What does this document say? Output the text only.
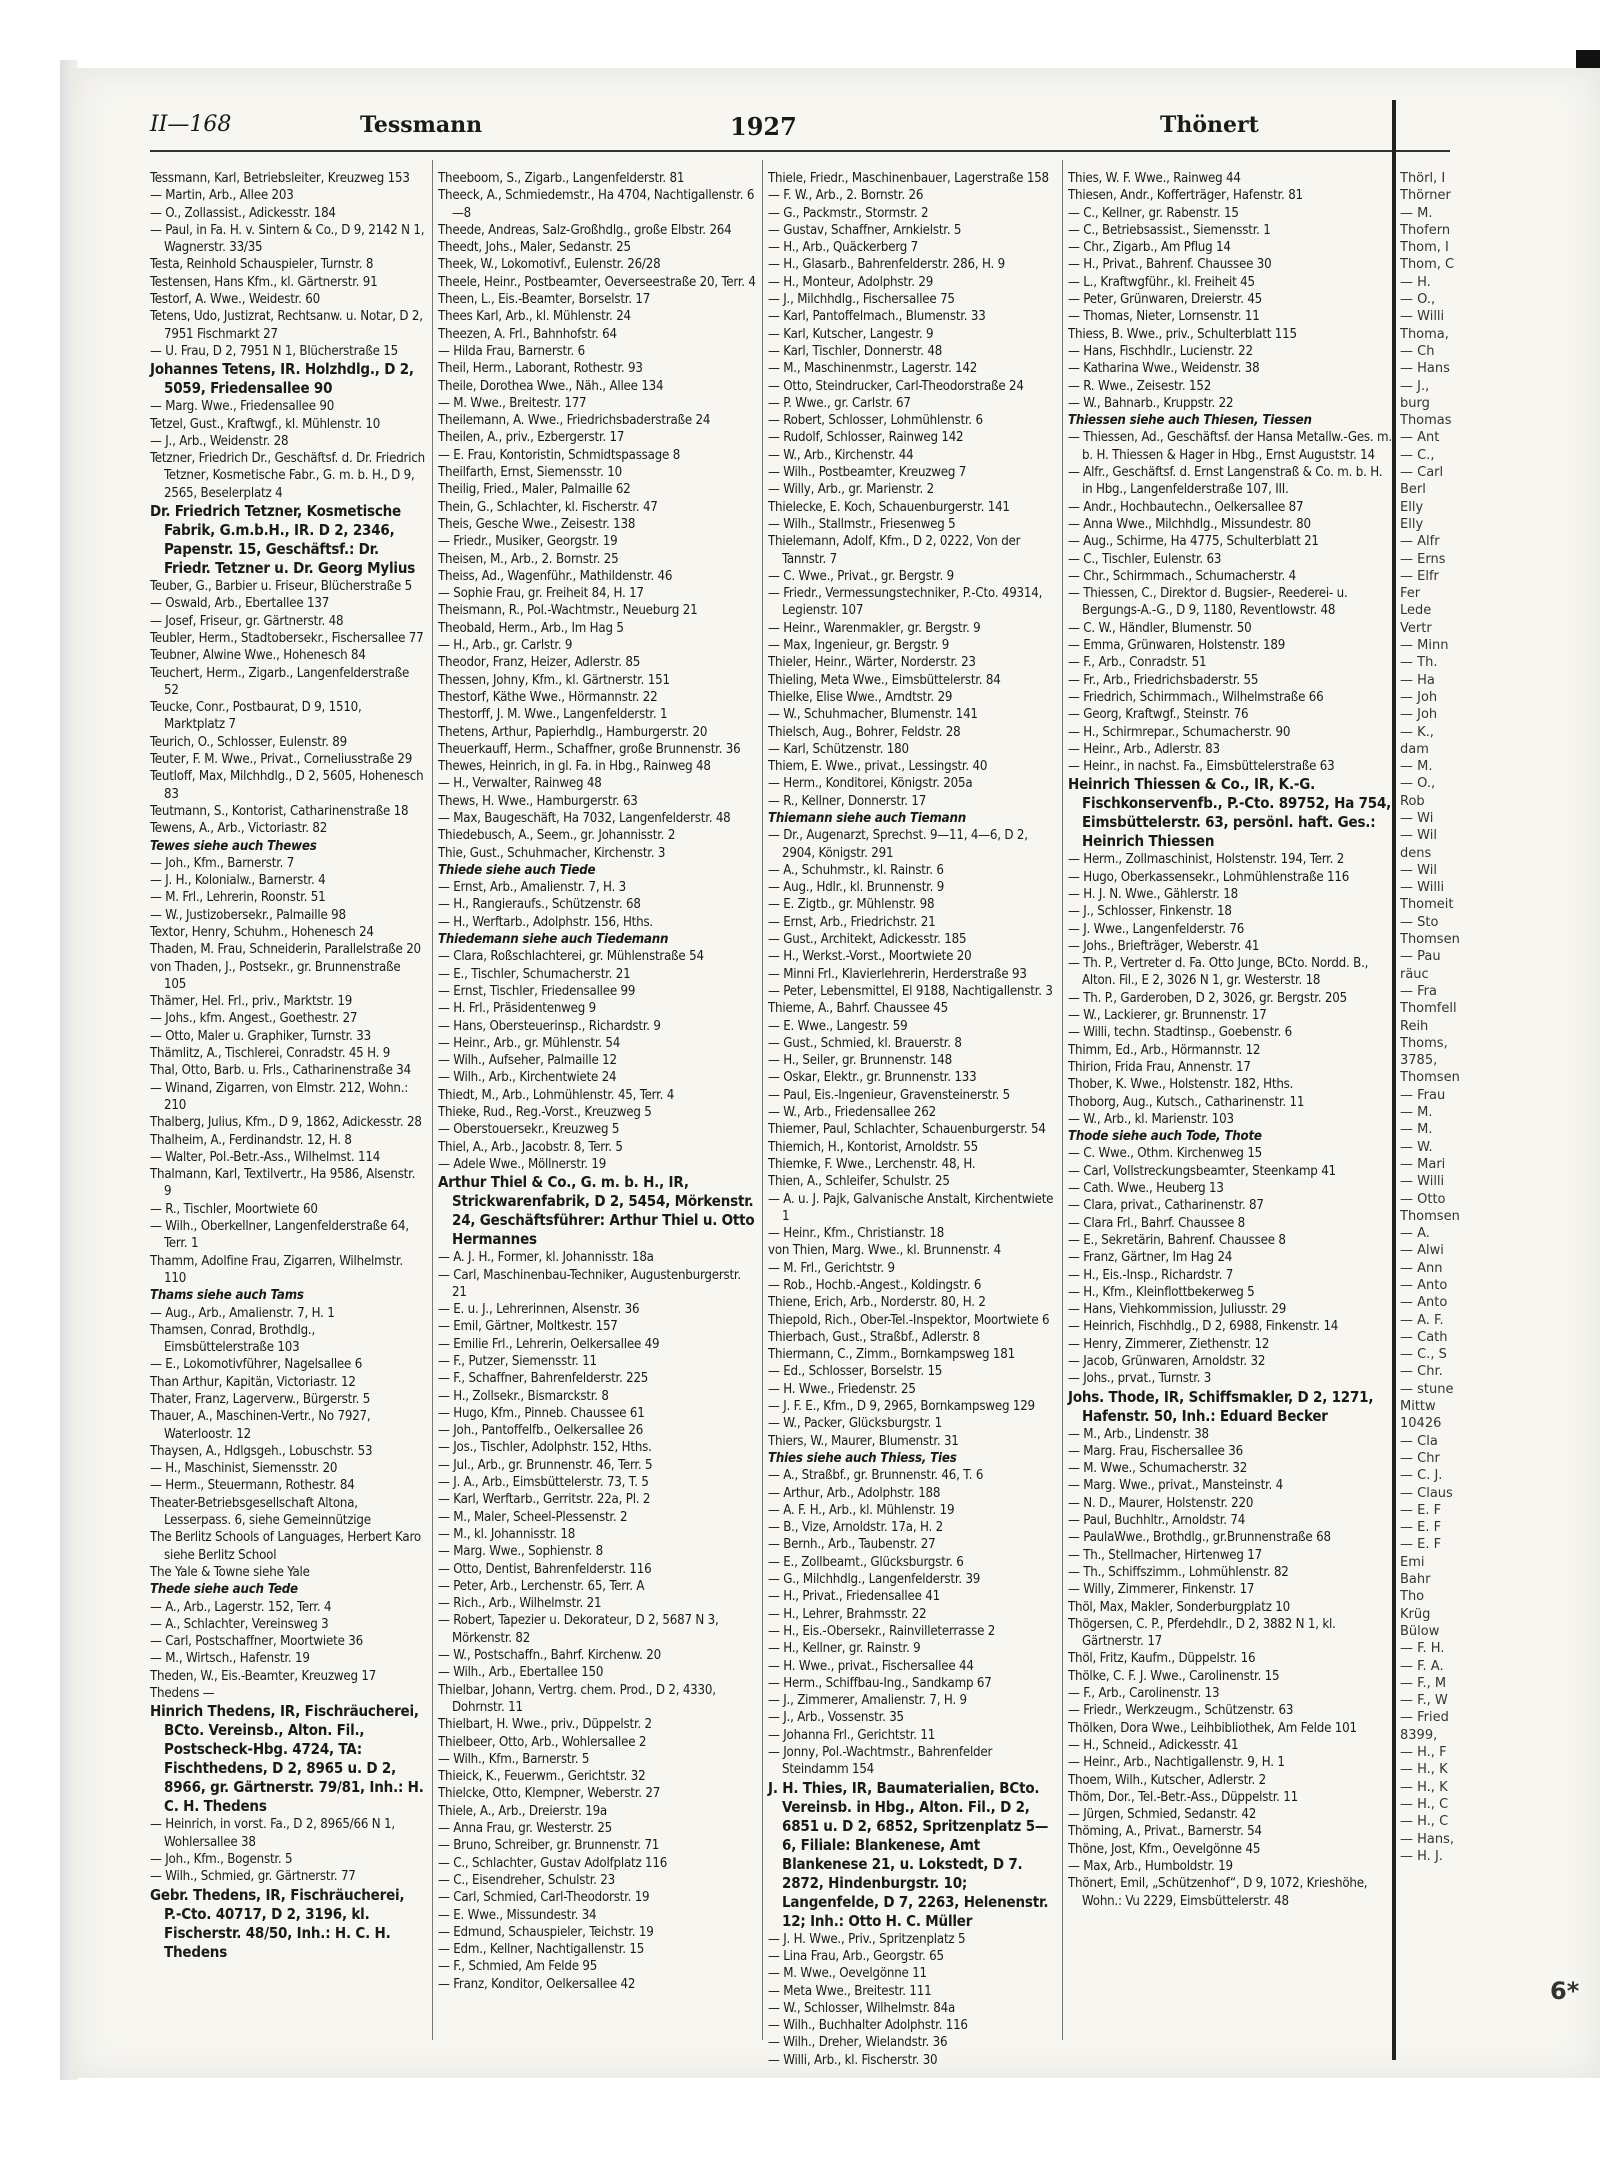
II—168	Tessmann	1927	Thönert

Tessmann, Karl, Betriebsleiter, Kreuzweg 153

— Martin, Arb., Allee 203

— O., Zollassist., Adickesstr. 184

— Paul, in Fa. H. v. Sintern & Co., D 9, 2142 N 1, Wagnerstr. 33/35

Testa, Reinhold Schauspieler, Turnstr. 8

Testensen, Hans Kfm., kl. Gärtnerstr. 91

Testorf, A. Wwe., Weidestr. 60

Tetens, Udo, Justizrat, Rechtsanw. u. Notar, D 2, 7951 Fischmarkt 27

— U. Frau, D 2, 7951 N 1, Blücherstraße 15

Johannes Tetens, IR. Holzhdlg., D 2, 5059, Friedensallee 90

— Marg. Wwe., Friedensallee 90

Tetzel, Gust., Kraftwgf., kl. Mühlenstr. 10

— J., Arb., Weidenstr. 28

Tetzner, Friedrich Dr., Geschäftsf. d. Dr. Friedrich Tetzner, Kosmetische Fabr., G. m. b. H., D 9, 2565, Beselerplatz 4

Dr. Friedrich Tetzner, Kosmetische Fabrik, G.m.b.H., IR. D 2, 2346, Papenstr. 15, Geschäftsf.: Dr. Friedr. Tetzner u. Dr. Georg Mylius

Teuber, G., Barbier u. Friseur, Blücherstraße 5

— Oswald, Arb., Ebertallee 137

— Josef, Friseur, gr. Gärtnerstr. 48

Teubler, Herm., Stadtobersekr., Fischersallee 77

Teubner, Alwine Wwe., Hohenesch 84

Teuchert, Herm., Zigarb., Langenfelderstraße 52

Teucke, Conr., Postbaurat, D 9, 1510, Marktplatz 7

Teurich, O., Schlosser, Eulenstr. 89

Teuter, F. M. Wwe., Privat., Corneliusstraße 29

Teutloff, Max, Milchhdlg., D 2, 5605, Hohenesch 83

Teutmann, S., Kontorist, Catharinenstraße 18

Tewens, A., Arb., Victoriastr. 82

Tewes siehe auch Thewes

— Joh., Kfm., Barnerstr. 7

— J. H., Kolonialw., Barnerstr. 4

— M. Frl., Lehrerin, Roonstr. 51

— W., Justizobersekr., Palmaille 98

Textor, Henry, Schuhm., Hohenesch 24

Thaden, M. Frau, Schneiderin, Parallelstraße 20

von Thaden, J., Postsekr., gr. Brunnenstraße 105

Thämer, Hel. Frl., priv., Marktstr. 19

— Johs., kfm. Angest., Goethestr. 27

— Otto, Maler u. Graphiker, Turnstr. 33

Thämlitz, A., Tischlerei, Conradstr. 45 H. 9

Thal, Otto, Barb. u. Frls., Catharinenstraße 34

— Winand, Zigarren, von Elmstr. 212, Wohn.: 210

Thalberg, Julius, Kfm., D 9, 1862, Adickesstr. 28

Thalheim, A., Ferdinandstr. 12, H. 8

— Walter, Pol.-Betr.-Ass., Wilhelmst. 114

Thalmann, Karl, Textilvertr., Ha 9586, Alsenstr. 9

— R., Tischler, Moortwiete 60

— Wilh., Oberkellner, Langenfelderstraße 64, Terr. 1

Thamm, Adolfine Frau, Zigarren, Wilhelmstr. 110

Thams siehe auch Tams

— Aug., Arb., Amalienstr. 7, H. 1

Thamsen, Conrad, Brothdlg., Eimsbüttelerstraße 103

— E., Lokomotivführer, Nagelsallee 6

Than Arthur, Kapitän, Victoriastr. 12

Thater, Franz, Lagerverw., Bürgerstr. 5

Thauer, A., Maschinen-Vertr., No 7927, Waterloostr. 12

Thaysen, A., Hdlgsgeh., Lobuschstr. 53

— H., Maschinist, Siemensstr. 20

— Herm., Steuermann, Rothestr. 84

Theater-Betriebsgesellschaft Altona, Lesserpass. 6, siehe Gemeinnützige

The Berlitz Schools of Languages, Herbert Karo siehe Berlitz School

The Yale & Towne siehe Yale

Thede siehe auch Tede

— A., Arb., Lagerstr. 152, Terr. 4

— A., Schlachter, Vereinsweg 3

— Carl, Postschaffner, Moortwiete 36

— M., Wirtsch., Hafenstr. 19

Theden, W., Eis.-Beamter, Kreuzweg 17

Thedens —

Hinrich Thedens, IR, Fischräucherei, BCto. Vereinsb., Alton. Fil., Postscheck-Hbg. 4724, TA: Fischthedens, D 2, 8965 u. D 2, 8966, gr. Gärtnerstr. 79/81, Inh.: H. C. H. Thedens

— Heinrich, in vorst. Fa., D 2, 8965/66 N 1, Wohlersallee 38

— Joh., Kfm., Bogenstr. 5

— Wilh., Schmied, gr. Gärtnerstr. 77

Gebr. Thedens, IR, Fischräucherei, P.-Cto. 40717, D 2, 3196, kl. Fischerstr. 48/50, Inh.: H. C. H. Thedens

Theeboom, S., Zigarb., Langenfelderstr. 81

Theeck, A., Schmiedemstr., Ha 4704, Nachtigallenstr. 6—8

Theede, Andreas, Salz-Großhdlg., große Elbstr. 264

Theedt, Johs., Maler, Sedanstr. 25

Theek, W., Lokomotivf., Eulenstr. 26/28

Theele, Heinr., Postbeamter, Oeverseestraße 20, Terr. 4

Theen, L., Eis.-Beamter, Borselstr. 17

Thees Karl, Arb., kl. Mühlenstr. 24

Theezen, A. Frl., Bahnhofstr. 64

— Hilda Frau, Barnerstr. 6

Theil, Herm., Laborant, Rothestr. 93

Theile, Dorothea Wwe., Näh., Allee 134

— M. Wwe., Breitestr. 177

Theilemann, A. Wwe., Friedrichsbaderstraße 24

Theilen, A., priv., Ezbergerstr. 17

— E. Frau, Kontoristin, Schmidtspassage 8

Theilfarth, Ernst, Siemensstr. 10

Theilig, Fried., Maler, Palmaille 62

Thein, G., Schlachter, kl. Fischerstr. 47

Theis, Gesche Wwe., Zeisestr. 138

— Friedr., Musiker, Georgstr. 19

Theisen, M., Arb., 2. Bornstr. 25

Theiss, Ad., Wagenführ., Mathildenstr. 46

— Sophie Frau, gr. Freiheit 84, H. 17

Theismann, R., Pol.-Wachtmstr., Neueburg 21

Theobald, Herm., Arb., Im Hag 5

— H., Arb., gr. Carlstr. 9

Theodor, Franz, Heizer, Adlerstr. 85

Thessen, Johny, Kfm., kl. Gärtnerstr. 151

Thestorf, Käthe Wwe., Hörmannstr. 22

Thestorff, J. M. Wwe., Langenfelderstr. 1

Thetens, Arthur, Papierhdlg., Hamburgerstr. 20

Theuerkauff, Herm., Schaffner, große Brunnenstr. 36

Thewes, Heinrich, in gl. Fa. in Hbg., Rainweg 48

— H., Verwalter, Rainweg 48

Thews, H. Wwe., Hamburgerstr. 63

— Max, Baugeschäft, Ha 7032, Langenfelderstr. 48

Thiedebusch, A., Seem., gr. Johannisstr. 2

Thie, Gust., Schuhmacher, Kirchenstr. 3

Thiede siehe auch Tiede

— Ernst, Arb., Amalienstr. 7, H. 3

— H., Rangieraufs., Schützenstr. 68

— H., Werftarb., Adolphstr. 156, Hths.

Thiedemann siehe auch Tiedemann

— Clara, Roßschlachterei, gr. Mühlenstraße 54

— E., Tischler, Schumacherstr. 21

— Ernst, Tischler, Friedensallee 99

— H. Frl., Präsidentenweg 9

— Hans, Obersteuerinsp., Richardstr. 9

— Heinr., Arb., gr. Mühlenstr. 54

— Wilh., Aufseher, Palmaille 12

— Wilh., Arb., Kirchentwiete 24

Thiedt, M., Arb., Lohmühlenstr. 45, Terr. 4

Thieke, Rud., Reg.-Vorst., Kreuzweg 5

— Oberstouersekr., Kreuzweg 5

Thiel, A., Arb., Jacobstr. 8, Terr. 5

— Adele Wwe., Möllnerstr. 19

Arthur Thiel & Co., G. m. b. H., IR, Strickwarenfabrik, D 2, 5454, Mörkenstr. 24, Geschäftsführer: Arthur Thiel u. Otto Hermannes

— A. J. H., Former, kl. Johannisstr. 18a

— Carl, Maschinenbau-Techniker, Augustenburgerstr. 21

— E. u. J., Lehrerinnen, Alsenstr. 36

— Emil, Gärtner, Moltkestr. 157

— Emilie Frl., Lehrerin, Oelkersallee 49

— F., Putzer, Siemensstr. 11

— F., Schaffner, Bahrenfelderstr. 225

— H., Zollsekr., Bismarckstr. 8

— Hugo, Kfm., Pinneb. Chaussee 61

— Joh., Pantoffelfb., Oelkersallee 26

— Jos., Tischler, Adolphstr. 152, Hths.

— Jul., Arb., gr. Brunnenstr. 46, Terr. 5

— J. A., Arb., Eimsbüttelerstr. 73, T. 5

— Karl, Werftarb., Gerritstr. 22a, Pl. 2

— M., Maler, Scheel-Plessenstr. 2

— M., kl. Johannisstr. 18

— Marg. Wwe., Sophienstr. 8

— Otto, Dentist, Bahrenfelderstr. 116

— Peter, Arb., Lerchenstr. 65, Terr. A

— Rich., Arb., Wilhelmstr. 21

— Robert, Tapezier u. Dekorateur, D 2, 5687 N 3, Mörkenstr. 82

— W., Postschaffn., Bahrf. Kirchenw. 20

— Wilh., Arb., Ebertallee 150

Thielbar, Johann, Vertrg. chem. Prod., D 2, 4330, Dohrnstr. 11

Thielbart, H. Wwe., priv., Düppelstr. 2

Thielbeer, Otto, Arb., Wohlersallee 2

— Wilh., Kfm., Barnerstr. 5

Thieick, K., Feuerwm., Gerichtstr. 32

Thielcke, Otto, Klempner, Weberstr. 27

Thiele, A., Arb., Dreierstr. 19a

— Anna Frau, gr. Westerstr. 25

— Bruno, Schreiber, gr. Brunnenstr. 71

— C., Schlachter, Gustav Adolfplatz 116

— C., Eisendreher, Schulstr. 23

— Carl, Schmied, Carl-Theodorstr. 19

— E. Wwe., Missundestr. 34

— Edmund, Schauspieler, Teichstr. 19

— Edm., Kellner, Nachtigallenstr. 15

— F., Schmied, Am Felde 95

— Franz, Konditor, Oelkersallee 42

Thiele, Friedr., Maschinenbauer, Lagerstraße 158

— F. W., Arb., 2. Bornstr. 26

— G., Packmstr., Stormstr. 2

— Gustav, Schaffner, Arnkielstr. 5

— H., Arb., Quäckerberg 7

— H., Glasarb., Bahrenfelderstr. 286, H. 9

— H., Monteur, Adolphstr. 29

— J., Milchhdlg., Fischersallee 75

— Karl, Pantoffelmach., Blumenstr. 33

— Karl, Kutscher, Langestr. 9

— Karl, Tischler, Donnerstr. 48

— M., Maschinenmstr., Lagerstr. 142

— Otto, Steindrucker, Carl-Theodorstraße 24

— P. Wwe., gr. Carlstr. 67

— Robert, Schlosser, Lohmühlenstr. 6

— Rudolf, Schlosser, Rainweg 142

— W., Arb., Kirchenstr. 44

— Wilh., Postbeamter, Kreuzweg 7

— Willy, Arb., gr. Marienstr. 2

Thielecke, E. Koch, Schauenburgerstr. 141

— Wilh., Stallmstr., Friesenweg 5

Thielemann, Adolf, Kfm., D 2, 0222, Von der Tannstr. 7

— C. Wwe., Privat., gr. Bergstr. 9

— Friedr., Vermessungstechniker, P.-Cto. 49314, Legienstr. 107

— Heinr., Warenmakler, gr. Bergstr. 9

— Max, Ingenieur, gr. Bergstr. 9

Thieler, Heinr., Wärter, Norderstr. 23

Thieling, Meta Wwe., Eimsbüttelerstr. 84

Thielke, Elise Wwe., Arndtstr. 29

— W., Schuhmacher, Blumenstr. 141

Thielsch, Aug., Bohrer, Feldstr. 28

— Karl, Schützenstr. 180

Thiem, E. Wwe., privat., Lessingstr. 40

— Herm., Konditorei, Königstr. 205a

— R., Kellner, Donnerstr. 17

Thiemann siehe auch Tiemann

— Dr., Augenarzt, Sprechst. 9—11, 4—6, D 2, 2904, Königstr. 291

— A., Schuhmstr., kl. Rainstr. 6

— Aug., Hdlr., kl. Brunnenstr. 9

— E. Zigtb., gr. Mühlenstr. 98

— Ernst, Arb., Friedrichstr. 21

— Gust., Architekt, Adickesstr. 185

— H., Werkst.-Vorst., Moortwiete 20

— Minni Frl., Klavierlehrerin, Herderstraße 93

— Peter, Lebensmittel, El 9188, Nachtigallenstr. 3

Thieme, A., Bahrf. Chaussee 45

— E. Wwe., Langestr. 59

— Gust., Schmied, kl. Brauerstr. 8

— H., Seiler, gr. Brunnenstr. 148

— Oskar, Elektr., gr. Brunnenstr. 133

— Paul, Eis.-Ingenieur, Gravensteinerstr. 5

— W., Arb., Friedensallee 262

Thiemer, Paul, Schlachter, Schauenburgerstr. 54

Thiemich, H., Kontorist, Arnoldstr. 55

Thiemke, F. Wwe., Lerchenstr. 48, H.

Thien, A., Schleifer, Schulstr. 25

— A. u. J. Pajk, Galvanische Anstalt, Kirchentwiete 1

— Heinr., Kfm., Christianstr. 18

von Thien, Marg. Wwe., kl. Brunnenstr. 4

— M. Frl., Gerichtstr. 9

— Rob., Hochb.-Angest., Koldingstr. 6

Thiene, Erich, Arb., Norderstr. 80, H. 2

Thiepold, Rich., Ober-Tel.-Inspektor, Moortwiete 6

Thierbach, Gust., Straßbf., Adlerstr. 8

Thiermann, C., Zimm., Bornkampsweg 181

— Ed., Schlosser, Borselstr. 15

— H. Wwe., Friedenstr. 25

— J. F. E., Kfm., D 9, 2965, Bornkampsweg 129

— W., Packer, Glücksburgstr. 1

Thiers, W., Maurer, Blumenstr. 31

Thies siehe auch Thiess, Ties

— A., Straßbf., gr. Brunnenstr. 46, T. 6

— Arthur, Arb., Adolphstr. 188

— A. F. H., Arb., kl. Mühlenstr. 19

— B., Vize, Arnoldstr. 17a, H. 2

— Bernh., Arb., Taubenstr. 27

— E., Zollbeamt., Glücksburgstr. 6

— G., Milchhdlg., Langenfelderstr. 39

— H., Privat., Friedensallee 41

— H., Lehrer, Brahmsstr. 22

— H., Eis.-Obersekr., Rainvilleterrasse 2

— H., Kellner, gr. Rainstr. 9

— H. Wwe., privat., Fischersallee 44

— Herm., Schiffbau-Ing., Sandkamp 67

— J., Zimmerer, Amalienstr. 7, H. 9

— J., Arb., Vossenstr. 35

— Johanna Frl., Gerichtstr. 11

— Jonny, Pol.-Wachtmstr., Bahrenfelder Steindamm 154

J. H. Thies, IR, Baumaterialien, BCto. Vereinsb. in Hbg., Alton. Fil., D 2, 6851 u. D 2, 6852, Spritzenplatz 5—6, Filiale: Blankenese, Amt Blankenese 21, u. Lokstedt, D 7. 2872, Hindenburgstr. 10; Langenfelde, D 7, 2263, Helenenstr. 12; Inh.: Otto H. C. Müller

— J. H. Wwe., Priv., Spritzenplatz 5

— Lina Frau, Arb., Georgstr. 65

— M. Wwe., Oevelgönne 11

— Meta Wwe., Breitestr. 111

— W., Schlosser, Wilhelmstr. 84a

— Wilh., Buchhalter Adolphstr. 116

— Wilh., Dreher, Wielandstr. 36

— Willi, Arb., kl. Fischerstr. 30

Thies, W. F. Wwe., Rainweg 44

Thiesen, Andr., Kofferträger, Hafenstr. 81

— C., Kellner, gr. Rabenstr. 15

— C., Betriebsassist., Siemensstr. 1

— Chr., Zigarb., Am Pflug 14

— H., Privat., Bahrenf. Chaussee 30

— L., Kraftwgführ., kl. Freiheit 45

— Peter, Grünwaren, Dreierstr. 45

— Thomas, Nieter, Lornsenstr. 11

Thiess, B. Wwe., priv., Schulterblatt 115

— Hans, Fischhdlr., Lucienstr. 22

— Katharina Wwe., Weidenstr. 38

— R. Wwe., Zeisestr. 152

— W., Bahnarb., Kruppstr. 22

Thiessen siehe auch Thiesen, Tiessen

— Thiessen, Ad., Geschäftsf. der Hansa Metallw.-Ges. m. b. H. Thiessen & Hager in Hbg., Ernst Auguststr. 14

— Alfr., Geschäftsf. d. Ernst Langenstraß & Co. m. b. H. in Hbg., Langenfelderstraße 107, III.

— Andr., Hochbautechn., Oelkersallee 87

— Anna Wwe., Milchhdlg., Missundestr. 80

— Aug., Schirme, Ha 4775, Schulterblatt 21

— C., Tischler, Eulenstr. 63

— Chr., Schirmmach., Schumacherstr. 4

— Thiessen, C., Direktor d. Bugsier-, Reederei- u. Bergungs-A.-G., D 9, 1180, Reventlowstr. 48

— C. W., Händler, Blumenstr. 50

— Emma, Grünwaren, Holstenstr. 189

— F., Arb., Conradstr. 51

— Fr., Arb., Friedrichsbaderstr. 55

— Friedrich, Schirmmach., Wilhelmstraße 66

— Georg, Kraftwgf., Steinstr. 76

— H., Schirmrepar., Schumacherstr. 90

— Heinr., Arb., Adlerstr. 83

— Heinr., in nachst. Fa., Eimsbüttelerstraße 63

Heinrich Thiessen & Co., IR, K.-G. Fischkonservenfb., P.-Cto. 89752, Ha 754, Eimsbüttelerstr. 63, persönl. haft. Ges.: Heinrich Thiessen

— Herm., Zollmaschinist, Holstenstr. 194, Terr. 2

— Hugo, Oberkassensekr., Lohmühlenstraße 116

— H. J. N. Wwe., Gählerstr. 18

— J., Schlosser, Finkenstr. 18

— J. Wwe., Langenfelderstr. 76

— Johs., Briefträger, Weberstr. 41

— Th. P., Vertreter d. Fa. Otto Junge, BCto. Nordd. B., Alton. Fil., E 2, 3026 N 1, gr. Westerstr. 18

— Th. P., Garderoben, D 2, 3026, gr. Bergstr. 205

— W., Lackierer, gr. Brunnenstr. 17

— Willi, techn. Stadtinsp., Goebenstr. 6

Thimm, Ed., Arb., Hörmannstr. 12

Thirion, Frida Frau, Annenstr. 17

Thober, K. Wwe., Holstenstr. 182, Hths.

Thoborg, Aug., Kutsch., Catharinenstr. 11

— W., Arb., kl. Marienstr. 103

Thode siehe auch Tode, Thote

— C. Wwe., Othm. Kirchenweg 15

— Carl, Vollstreckungsbeamter, Steenkamp 41

— Cath. Wwe., Heuberg 13

— Clara, privat., Catharinenstr. 87

— Clara Frl., Bahrf. Chaussee 8

— E., Sekretärin, Bahrenf. Chaussee 8

— Franz, Gärtner, Im Hag 24

— H., Eis.-Insp., Richardstr. 7

— H., Kfm., Kleinflottbekerweg 5

— Hans, Viehkommission, Juliusstr. 29

— Heinrich, Fischhdlg., D 2, 6988, Finkenstr. 14

— Henry, Zimmerer, Ziethenstr. 12

— Jacob, Grünwaren, Arnoldstr. 32

— Johs., prvat., Turnstr. 3

Johs. Thode, IR, Schiffsmakler, D 2, 1271, Hafenstr. 50, Inh.: Eduard Becker

— M., Arb., Lindenstr. 38

— Marg. Frau, Fischersallee 36

— M. Wwe., Schumacherstr. 32

— Marg. Wwe., privat., Mansteinstr. 4

— N. D., Maurer, Holstenstr. 220

— Paul, Buchhltr., Arnoldstr. 74

— PaulaWwe., Brothdlg., gr.Brunnenstraße 68

— Th., Stellmacher, Hirtenweg 17

— Th., Schiffszimm., Lohmühlenstr. 82

— Willy, Zimmerer, Finkenstr. 17

Thöl, Max, Makler, Sonderburgplatz 10

Thögersen, C. P., Pferdehdlr., D 2, 3882 N 1, kl. Gärtnerstr. 17

Thöl, Fritz, Kaufm., Düppelstr. 16

Thölke, C. F. J. Wwe., Carolinenstr. 15

— F., Arb., Carolinenstr. 13

— Friedr., Werkzeugm., Schützenstr. 63

Thölken, Dora Wwe., Leihbibliothek, Am Felde 101

— H., Schneid., Adickesstr. 41

— Heinr., Arb., Nachtigallenstr. 9, H. 1

Thoem, Wilh., Kutscher, Adlerstr. 2

Thöm, Dor., Tel.-Betr.-Ass., Düppelstr. 11

— Jürgen, Schmied, Sedanstr. 42

Thöming, A., Privat., Barnerstr. 54

Thöne, Jost, Kfm., Oevelgönne 45

— Max, Arb., Humboldstr. 19

Thönert, Emil, „Schützenhof“, D 9, 1072, Krieshöhe, Wohn.: Vu 2229, Eimsbüttelerstr. 48

Thörl, I
Thörner
— M.
Thofern
Thom, I
Thom, C
— H.
— O.,
— Willi
Thoma,
— Ch
— Hans
— J.,
burg
Thomas
— Ant
— C.,
— Carl
Berl
Elly
Elly
— Alfr
— Erns
— Elfr
Fer
Lede
Vertr
— Minn
— Th.
— Ha
— Joh
— Joh
— K.,
dam
— M.
— O.,
Rob
— Wi
— Wil
dens
— Wil
— Willi
Thomeit
— Sto
Thomsen
— Pau
räuc
— Fra
Thomfell
Reih
Thoms,
3785,
Thomsen
— Frau
— M.
— M.
— W.
— Mari
— Willi
— Otto
Thomsen
— A.
— Alwi
— Ann
— Anto
— Anto
— A. F.
— Cath
— C., S
— Chr.
— stune
Mittw
10426
— Cla
— Chr
— C. J.
— Claus
— E. F
— E. F
— E. F
Emi
Bahr
Tho
Krüg
Bülow
— F. H.
— F. A.
— F., M
— F., W
— Fried
8399,
— H., F
— H., K
— H., K
— H., C
— H., C
— Hans,
— H. J.
6*
